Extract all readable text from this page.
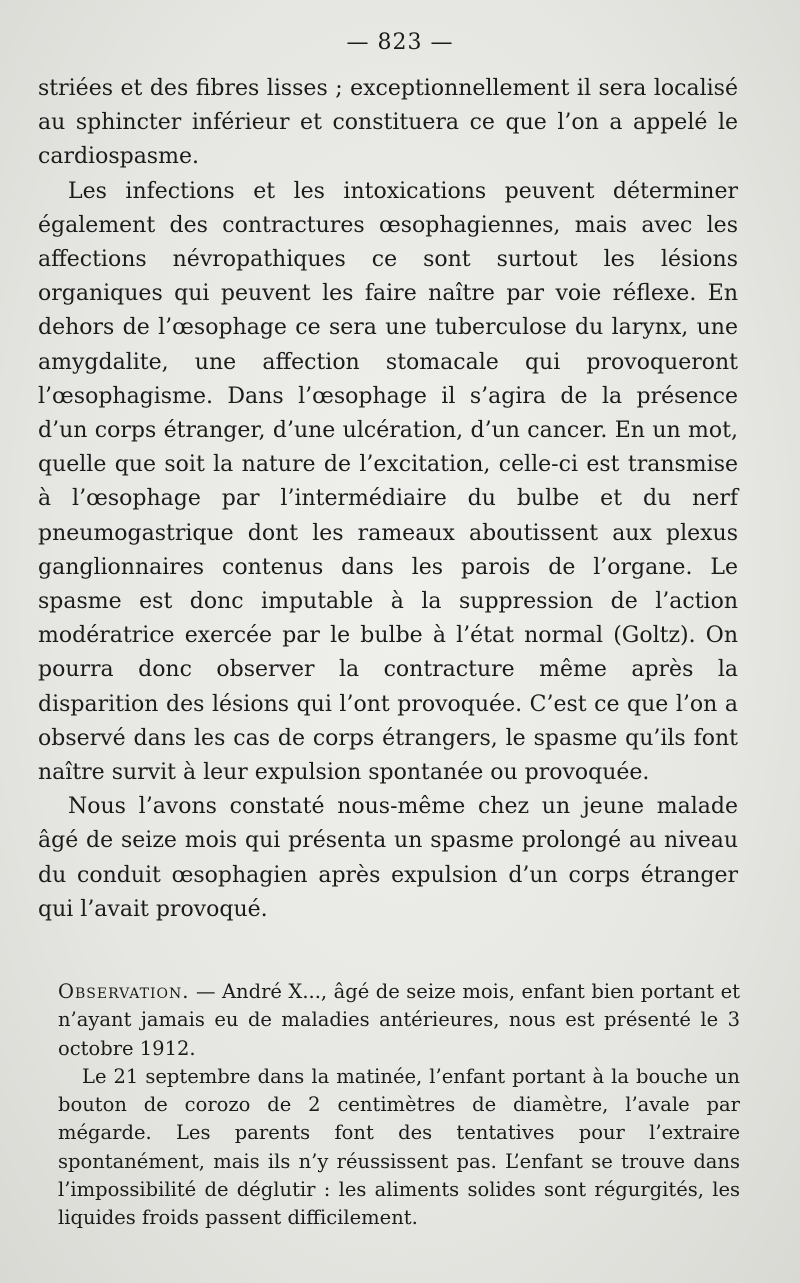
— 823 —

striées et des fibres lisses ; exceptionnellement il sera localisé au sphincter inférieur et constituera ce que l’on a appelé le cardiospasme.

Les infections et les intoxications peuvent déterminer également des contractures œsophagiennes, mais avec les affections névropathiques ce sont surtout les lésions organiques qui peuvent les faire naître par voie réflexe. En dehors de l’œsophage ce sera une tuberculose du larynx, une amygdalite, une affection stomacale qui provoqueront l’œsophagisme. Dans l’œsophage il s’agira de la présence d’un corps étranger, d’une ulcération, d’un cancer. En un mot, quelle que soit la nature de l’excitation, celle-ci est transmise à l’œsophage par l’intermédiaire du bulbe et du nerf pneumogastrique dont les rameaux aboutissent aux plexus ganglionnaires contenus dans les parois de l’organe. Le spasme est donc imputable à la suppression de l’action modératrice exercée par le bulbe à l’état normal (Goltz). On pourra donc observer la contracture même après la disparition des lésions qui l’ont provoquée. C’est ce que l’on a observé dans les cas de corps étrangers, le spasme qu’ils font naître survit à leur expulsion spontanée ou provoquée.

Nous l’avons constaté nous-même chez un jeune malade âgé de seize mois qui présenta un spasme prolongé au niveau du conduit œsophagien après expulsion d’un corps étranger qui l’avait provoqué.

Observation. — André X..., âgé de seize mois, enfant bien portant et n’ayant jamais eu de maladies antérieures, nous est présenté le 3 octobre 1912.

Le 21 septembre dans la matinée, l’enfant portant à la bouche un bouton de corozo de 2 centimètres de diamètre, l’avale par mégarde. Les parents font des tentatives pour l’extraire spontanément, mais ils n’y réussissent pas. L’enfant se trouve dans l’impossibilité de déglutir : les aliments solides sont régurgités, les liquides froids passent difficilement.
